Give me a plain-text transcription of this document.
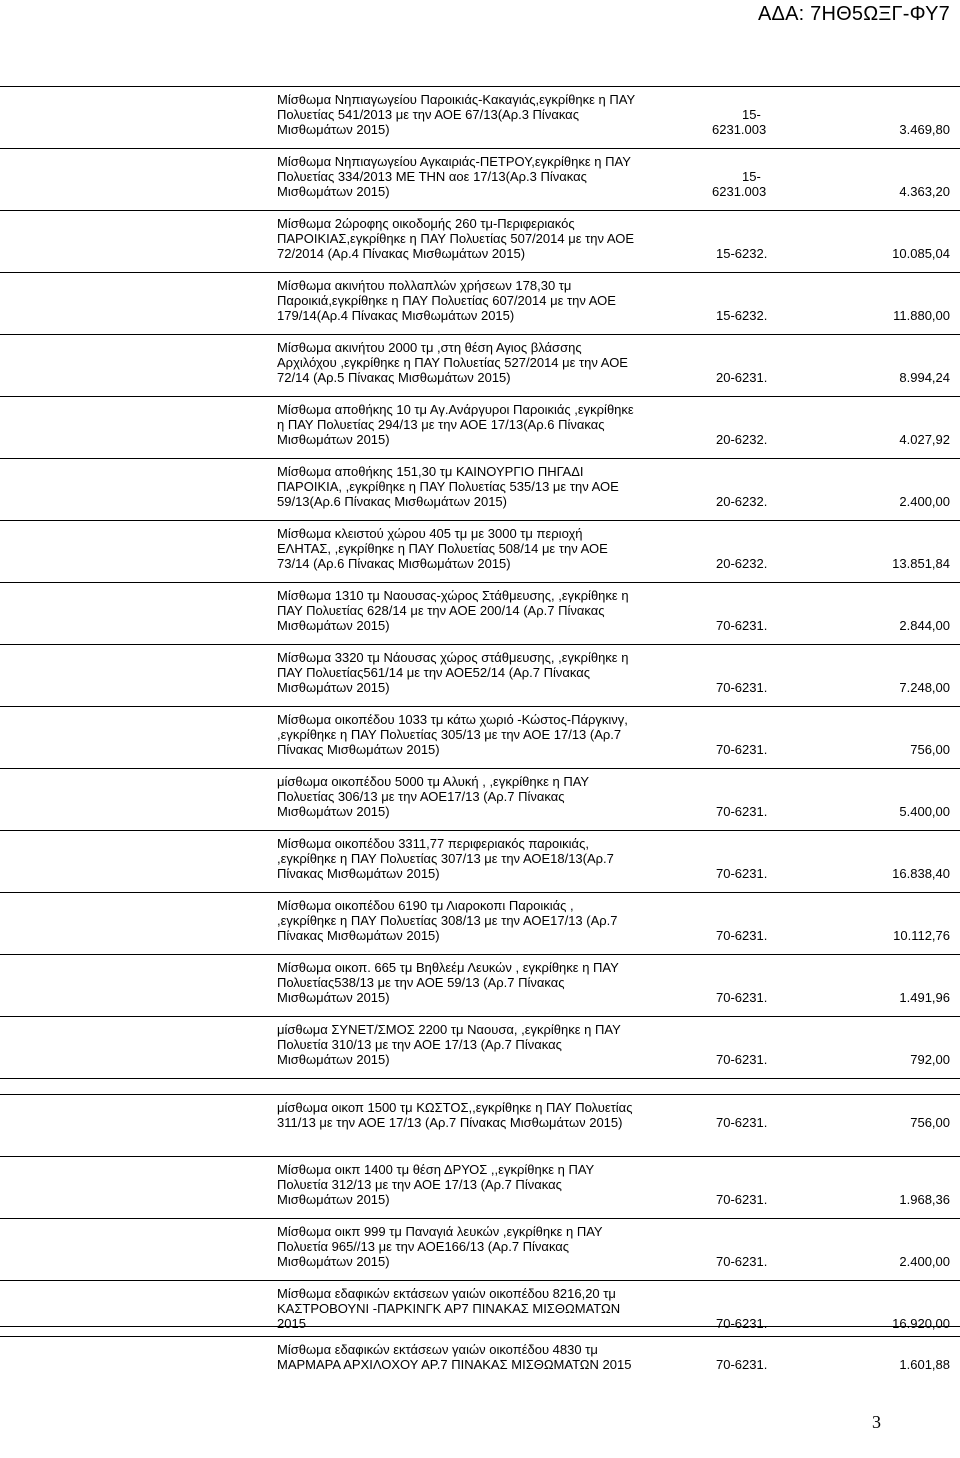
ΑΔΑ: 7ΗΘ5ΩΞΓ-ΦΥ7
Μίσθωμα Νηπιαγωγείου Παροικιάς-Κακαγιάς,εγκρίθηκε η ΠΑΥ
Πολυετίας 541/2013 με την ΑΟΕ 67/13(Αρ.3 Πίνακας
Μισθωμάτων 2015)
15-
6231.003	3.469,80
Μίσθωμα Νηπιαγωγείου Αγκαιριάς-ΠΕΤΡΟΥ,εγκρίθηκε η ΠΑΥ
Πολυετίας 334/2013 ΜΕ ΤΗΝ αοε 17/13(Αρ.3 Πίνακας
Μισθωμάτων 2015)
15-
6231.003	4.363,20
Μίσθωμα 2ώροφης οικοδομής 260 τμ-Περιφεριακός
ΠΑΡΟΙΚΙΑΣ,εγκρίθηκε η ΠΑΥ Πολυετίας 507/2014 με την ΑΟΕ
72/2014 (Αρ.4 Πίνακας Μισθωμάτων 2015)	15-6232.	10.085,04
Μίσθωμα ακινήτου πολλαπλών χρήσεων 178,30 τμ
Παροικιά,εγκρίθηκε η ΠΑΥ Πολυετίας 607/2014 με την ΑΟΕ
179/14(Αρ.4 Πίνακας Μισθωμάτων 2015)	15-6232.	11.880,00
Μίσθωμα ακινήτου 2000 τμ ,στη θέση Αγιος βλάσσης
Αρχιλόχου ,εγκρίθηκε η ΠΑΥ Πολυετίας 527/2014 με την ΑΟΕ
72/14 (Αρ.5 Πίνακας Μισθωμάτων 2015)	20-6231.	8.994,24
Μίσθωμα αποθήκης 10 τμ Αγ.Ανάργυροι Παροικιάς ,εγκρίθηκε
η ΠΑΥ Πολυετίας 294/13 με την ΑΟΕ 17/13(Αρ.6 Πίνακας
Μισθωμάτων 2015)	20-6232.	4.027,92
Μίσθωμα αποθήκης 151,30 τμ ΚΑΙΝΟΥΡΓΙΟ ΠΗΓΑΔΙ
ΠΑΡΟΙΚΙΑ, ,εγκρίθηκε η ΠΑΥ Πολυετίας 535/13 με την ΑΟΕ
59/13(Αρ.6 Πίνακας Μισθωμάτων 2015)	20-6232.	2.400,00
Μίσθωμα κλειστού χώρου 405 τμ με 3000 τμ περιοχή
ΕΛΗΤΑΣ, ,εγκρίθηκε η ΠΑΥ Πολυετίας 508/14 με την ΑΟΕ
73/14 (Αρ.6 Πίνακας Μισθωμάτων 2015)	20-6232.	13.851,84
Μίσθωμα 1310 τμ Ναουσας-χώρος Στάθμευσης, ,εγκρίθηκε η
ΠΑΥ Πολυετίας 628/14 με την ΑΟΕ 200/14 (Αρ.7 Πίνακας
Μισθωμάτων 2015)	70-6231.	2.844,00
Μίσθωμα 3320 τμ Νάουσας χώρος στάθμευσης, ,εγκρίθηκε η
ΠΑΥ Πολυετίας561/14 με την ΑΟΕ52/14 (Αρ.7 Πίνακας
Μισθωμάτων 2015)	70-6231.	7.248,00
Μίσθωμα οικοπέδου 1033 τμ κάτω χωριό -Κώστος-Πάργκινγ,
,εγκρίθηκε η ΠΑΥ Πολυετίας 305/13 με την ΑΟΕ 17/13 (Αρ.7
Πίνακας Μισθωμάτων 2015)	70-6231.	756,00
μίσθωμα οικοπέδου 5000 τμ Αλυκή , ,εγκρίθηκε η ΠΑΥ
Πολυετίας 306/13 με την ΑΟΕ17/13 (Αρ.7 Πίνακας
Μισθωμάτων 2015)	70-6231.	5.400,00
Μίσθωμα οικοπέδου 3311,77 περιφεριακός παροικιάς,
,εγκρίθηκε η ΠΑΥ Πολυετίας 307/13 με την ΑΟΕ18/13(Αρ.7
Πίνακας Μισθωμάτων 2015)	70-6231.	16.838,40
Μίσθωμα οικοπέδου 6190 τμ Λιαροκοπι Παροικιάς ,
,εγκρίθηκε η ΠΑΥ Πολυετίας 308/13 με την ΑΟΕ17/13 (Αρ.7
Πίνακας Μισθωμάτων 2015)	70-6231.	10.112,76
Μίσθωμα οικοπ. 665 τμ Βηθλεέμ Λευκών , εγκρίθηκε η ΠΑΥ
Πολυετίας538/13 με την ΑΟΕ 59/13 (Αρ.7 Πίνακας
Μισθωμάτων 2015)	70-6231.	1.491,96
μίσθωμα ΣΥΝΕΤ/ΣΜΟΣ 2200 τμ Ναουσα, ,εγκρίθηκε η ΠΑΥ
Πολυετία 310/13 με την ΑΟΕ 17/13 (Αρ.7 Πίνακας
Μισθωμάτων 2015)	70-6231.	792,00
μίσθωμα οικοπ 1500 τμ ΚΩΣΤΟΣ,,εγκρίθηκε η ΠΑΥ Πολυετίας
311/13 με την ΑΟΕ 17/13 (Αρ.7 Πίνακας Μισθωμάτων 2015)	70-6231.	756,00
Μίσθωμα οικπ 1400 τμ θέση ΔΡΥΟΣ ,,εγκρίθηκε η ΠΑΥ
Πολυετία 312/13 με την ΑΟΕ 17/13 (Αρ.7 Πίνακας
Μισθωμάτων 2015)	70-6231.	1.968,36
Μίσθωμα οικπ 999 τμ Παναγιά λευκών ,εγκρίθηκε η ΠΑΥ
Πολυετία 965//13 με την ΑΟΕ166/13 (Αρ.7 Πίνακας
Μισθωμάτων 2015)	70-6231.	2.400,00
Μίσθωμα εδαφικών εκτάσεων γαιών οικοπέδου 8216,20 τμ
ΚΑΣΤΡΟΒΟΥΝΙ -ΠΑΡΚΙΝΓΚ ΑΡ7 ΠΙΝΑΚΑΣ ΜΙΣΘΩΜΑΤΩΝ
2015	70-6231.	16.920,00
Μίσθωμα εδαφικών εκτάσεων γαιών οικοπέδου 4830 τμ
ΜΑΡΜΑΡΑ ΑΡΧΙΛΟΧΟΥ ΑΡ.7 ΠΙΝΑΚΑΣ ΜΙΣΘΩΜΑΤΩΝ 2015	70-6231.	1.601,88
3
